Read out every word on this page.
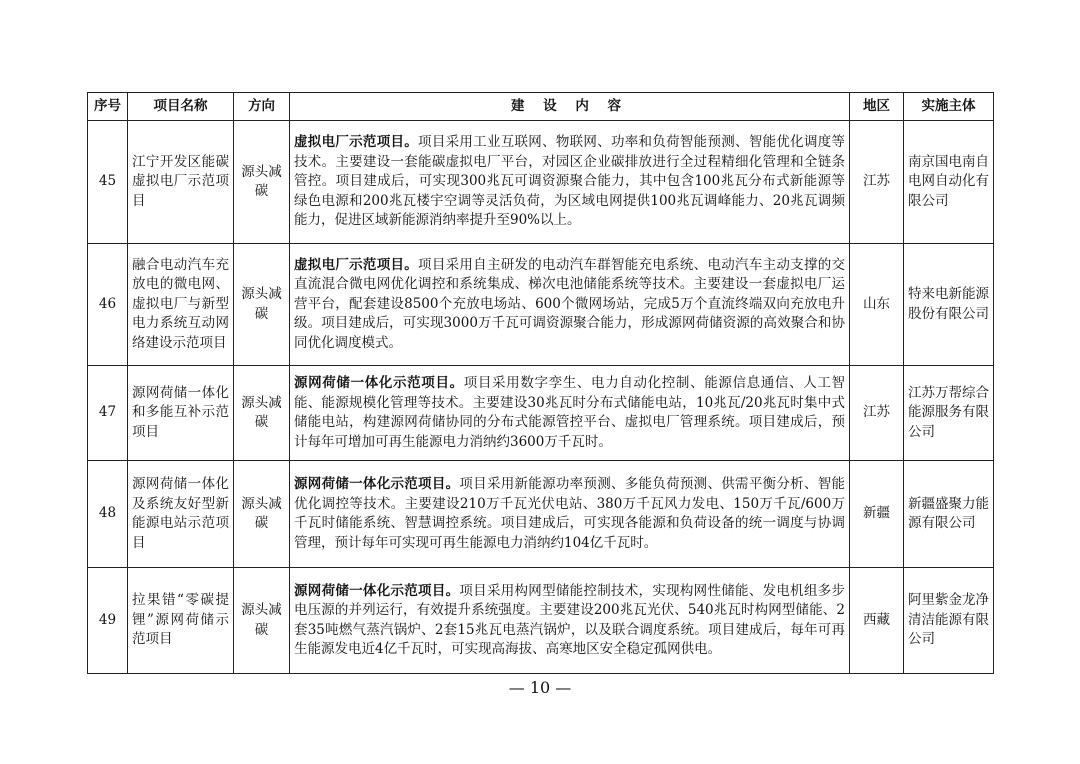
序号	项目名称	方向	建 设 内 容	地区	实施主体
45	江宁开发区能碳虚拟电厂示范项目	源头减碳	虚拟电厂示范项目。项目采用工业互联网、物联网、功率和负荷智能预测、智能优化调度等技术。主要建设一套能碳虚拟电厂平台，对园区企业碳排放进行全过程精细化管理和全链条管控。项目建成后，可实现300兆瓦可调资源聚合能力，其中包含100兆瓦分布式新能源等绿色电源和200兆瓦楼宇空调等灵活负荷，为区域电网提供100兆瓦调峰能力、20兆瓦调频能力，促进区域新能源消纳率提升至90%以上。	江苏	南京国电南自电网自动化有限公司
46	融合电动汽车充放电的微电网、虚拟电厂与新型电力系统互动网络建设示范项目	源头减碳	虚拟电厂示范项目。项目采用自主研发的电动汽车群智能充电系统、电动汽车主动支撑的交直流混合微电网优化调控和系统集成、梯次电池储能系统等技术。主要建设一套虚拟电厂运营平台，配套建设8500个充放电场站、600个微网场站，完成5万个直流终端双向充放电升级。项目建成后，可实现3000万千瓦可调资源聚合能力，形成源网荷储资源的高效聚合和协同优化调度模式。	山东	特来电新能源股份有限公司
47	源网荷储一体化和多能互补示范项目	源头减碳	源网荷储一体化示范项目。项目采用数字孪生、电力自动化控制、能源信息通信、人工智能、能源规模化管理等技术。主要建设30兆瓦时分布式储能电站，10兆瓦/20兆瓦时集中式储能电站，构建源网荷储协同的分布式能源管控平台、虚拟电厂管理系统。项目建成后，预计每年可增加可再生能源电力消纳约3600万千瓦时。	江苏	江苏万帮综合能源服务有限公司
48	源网荷储一体化及系统友好型新能源电站示范项目	源头减碳	源网荷储一体化示范项目。项目采用新能源功率预测、多能负荷预测、供需平衡分析、智能优化调控等技术。主要建设210万千瓦光伏电站、380万千瓦风力发电、150万千瓦/600万千瓦时储能系统、智慧调控系统。项目建成后，可实现各能源和负荷设备的统一调度与协调管理，预计每年可实现可再生能源电力消纳约104亿千瓦时。	新疆	新疆盛聚力能源有限公司
49	拉果错“零碳提锂”源网荷储示范项目	源头减碳	源网荷储一体化示范项目。项目采用构网型储能控制技术，实现构网性储能、发电机组多步电压源的并列运行，有效提升系统强度。主要建设200兆瓦光伏、540兆瓦时构网型储能、2套35吨燃气蒸汽锅炉、2套15兆瓦电蒸汽锅炉，以及联合调度系统。项目建成后，每年可再生能源发电近4亿千瓦时，可实现高海拔、高寒地区安全稳定孤网供电。	西藏	阿里紫金龙净清洁能源有限公司
— 10 —
